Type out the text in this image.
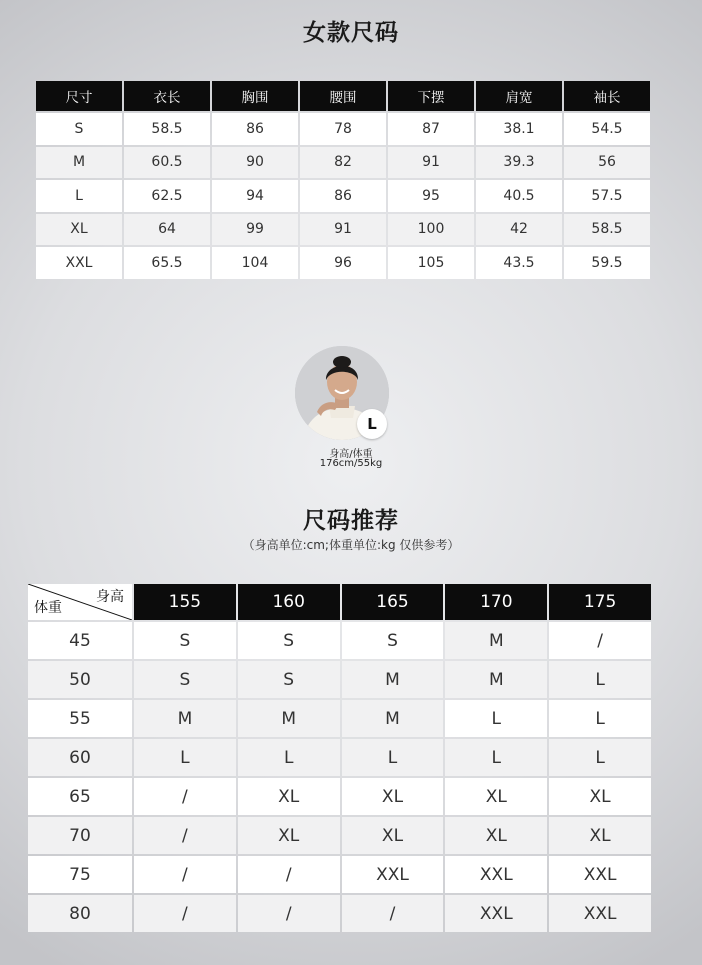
女款尺码
尺寸	衣长	胸围	腰围	下摆	肩宽	袖长
S	58.5	86	78	87	38.1	54.5
M	60.5	90	82	91	39.3	56
L	62.5	94	86	95	40.5	57.5
XL	64	99	91	100	42	58.5
XXL	65.5	104	96	105	43.5	59.5
L
身高/体重
176cm/55kg
尺码推荐
（身高单位:cm;体重单位:kg 仅供参考）
身高
体重	155	160	165	170	175
45	S	S	S	M	/
50	S	S	M	M	L
55	M	M	M	L	L
60	L	L	L	L	L
65	/	XL	XL	XL	XL
70	/	XL	XL	XL	XL
75	/	/	XXL	XXL	XXL
80	/	/	/	XXL	XXL
